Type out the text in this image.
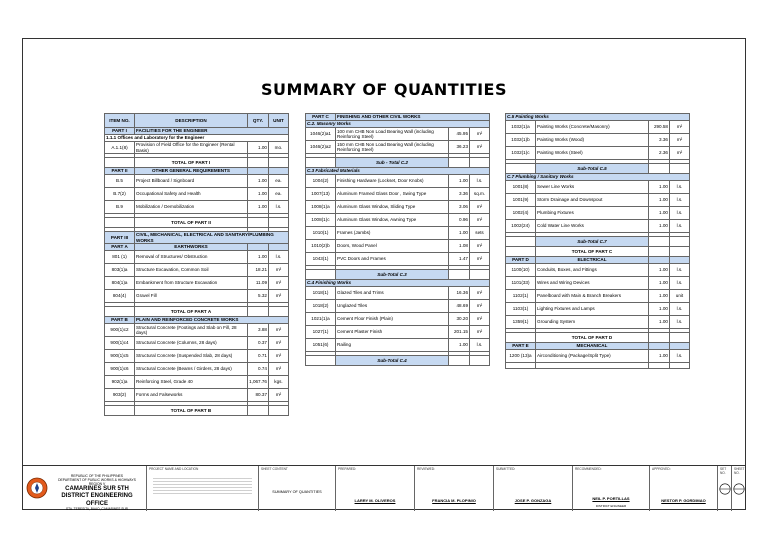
SUMMARY OF QUANTITIES
ITEM NO.	DESCRIPTION	QTY.	UNIT
PART I	FACILITIES FOR THE ENGINEER		
1.1.1 Offices and Laboratory for the Engineer			
A.1.1(8)	Provision of Field Office for the Engineer (Rental Basis)	1.00	mo.

	TOTAL OF PART I		
PART II	OTHER GENERAL REQUIREMENTS		
B.5	Project Billboard / Signboard	1.00	ea.
B.7(2)	Occupational Safety and Health	1.00	ea.
B.9	Mobilization / Demobilization	1.00	l.s.

	TOTAL OF PART II		

PART III	CIVIL, MECHANICAL, ELECTRICAL AND SANITARY/PLUMBING WORKS		
PART A	EARTHWORKS		
801 (1)	Removal of Structures/ Obstruction	1.00	l.s.
803(1)a	Structure Excavation, Common Soil	18.21	m³
804(1)a	Embankment from Structure Excavation	11.09	m³
804(4)	Gravel Fill	5.32	m³

	TOTAL OF PART A		
PART B	PLAIN AND REINFORCED CONCRETE WORKS		
900(1)c2	Structural Concrete (Footings and Slab on Fill, 28 days)	3.88	m³
900(1)c4	Structural Concrete (Columns, 28 days)	0.37	m³
900(1)c5	Structural Concrete (Suspended Slab, 28 days)	0.71	m³
900(1)c6	Structural Concrete (Beams / Girders, 28 days)	0.74	m³
902(1)a	Reinforcing Steel, Grade 40	1,067.76	kgs.
903(2)	Forms and Falseworks	80.37	m²

	TOTAL OF PART B		
PART C	FINISHING AND OTHER CIVIL WORKS		
C.2. Masonry Works			
1046(2)a1	100 mm CHB Non Load Bearing Wall (including Reinforcing Steel)	45.95	m²
1046(2)a2	150 mm CHB Non Load Bearing Wall (including Reinforcing Steel)	36.23	m²

	Sub - Total C.2		
C.3 Fabricated Materials			
1004(2)	Finishing Hardware (Lockset, Door Knobs)	1.00	l.s.
1007(13)	Aluminum Framed Glass Door , Swing Type	3.36	sq.m.
1008(1)a	Aluminum Glass Window, Sliding Type	3.06	m²
1008(1)c	Aluminum Glass Window, Awning Type	0.96	m²
1010(1)	Frames (Jambs)	1.00	sets
1010(2)b	Doors, Wood Panel	1.08	m²
1043(1)	PVC Doors and Frames	1.47	m²

	Sub-Total C.3		
C.4 Finishing Works			
1018(1)	Glazed Tiles and Trims	16.36	m²
1018(2)	Unglazed Tiles	48.69	m²
1021(1)a	Cement Floor Finish (Plain)	30.20	m²
1027(1)	Cement Plaster Finish	201.15	m²
1051(6)	Railing	1.00	l.s.

	Sub-Total C.4		
C.5 Painting Works			
1032(1)a	Painting Works (Concrete/Masonry)	290.58	m²
1032(1)b	Painting Works (Wood)	3.36	m²
1032(1)c	Painting Works (Steel)	2.36	m²

	Sub-Total C.5		
C.7 Plumbing / Sanitary Works			
1001(8)	Sewer Line Works	1.00	l.s.
1001(9)	Storm Drainage and Downspout	1.00	l.s.
1002(4)	Plumbing Fixtures	1.00	l.s.
1002(24)	Cold Water Line Works	1.00	l.s.

	Sub-Total C.7		
	TOTAL OF PART C		
PART D	ELECTRICAL		
1100(10)	Conduits, Boxes, and Fittings	1.00	l.s.
1101(33)	Wires and Wiring Devices	1.00	l.s.
1102(1)	Panelboard with Main & Branch Breakers	1.00	unit
1103(1)	Lighting Fixtures and Lamps	1.00	l.s.
1359(1)	Grounding System	1.00	l.s.

	TOTAL OF PART D		
PART E	MECHANICAL		
1200 (13)a	Airconditioning (Package/Split Type)	1.00	l.s.

REPUBLIC OF THE PHILIPPINES
DEPARTMENT OF PUBLIC WORKS & HIGHWAYS
REGION V
CAMARINES SUR 5TH
DISTRICT ENGINEERING OFFICE
STA. TERESITA, BAAO, CAMARINES SUR
PROJECT NAME AND LOCATION	SHEET CONTENT
SUMMARY OF QUANTITIES
PREPARED:
LARRY M. OLIVEROS
REVIEWED:
FRANCIA M. PLOPINIO
SUBMITTED:
JOSE P. GONZAGA
RECOMMENDED:
NEIL P. PORTILLAS
DISTRICT ENGINEER
APPROVED:
NESTOR P. GORDIMAO
SET NO.
SHEET NO.
